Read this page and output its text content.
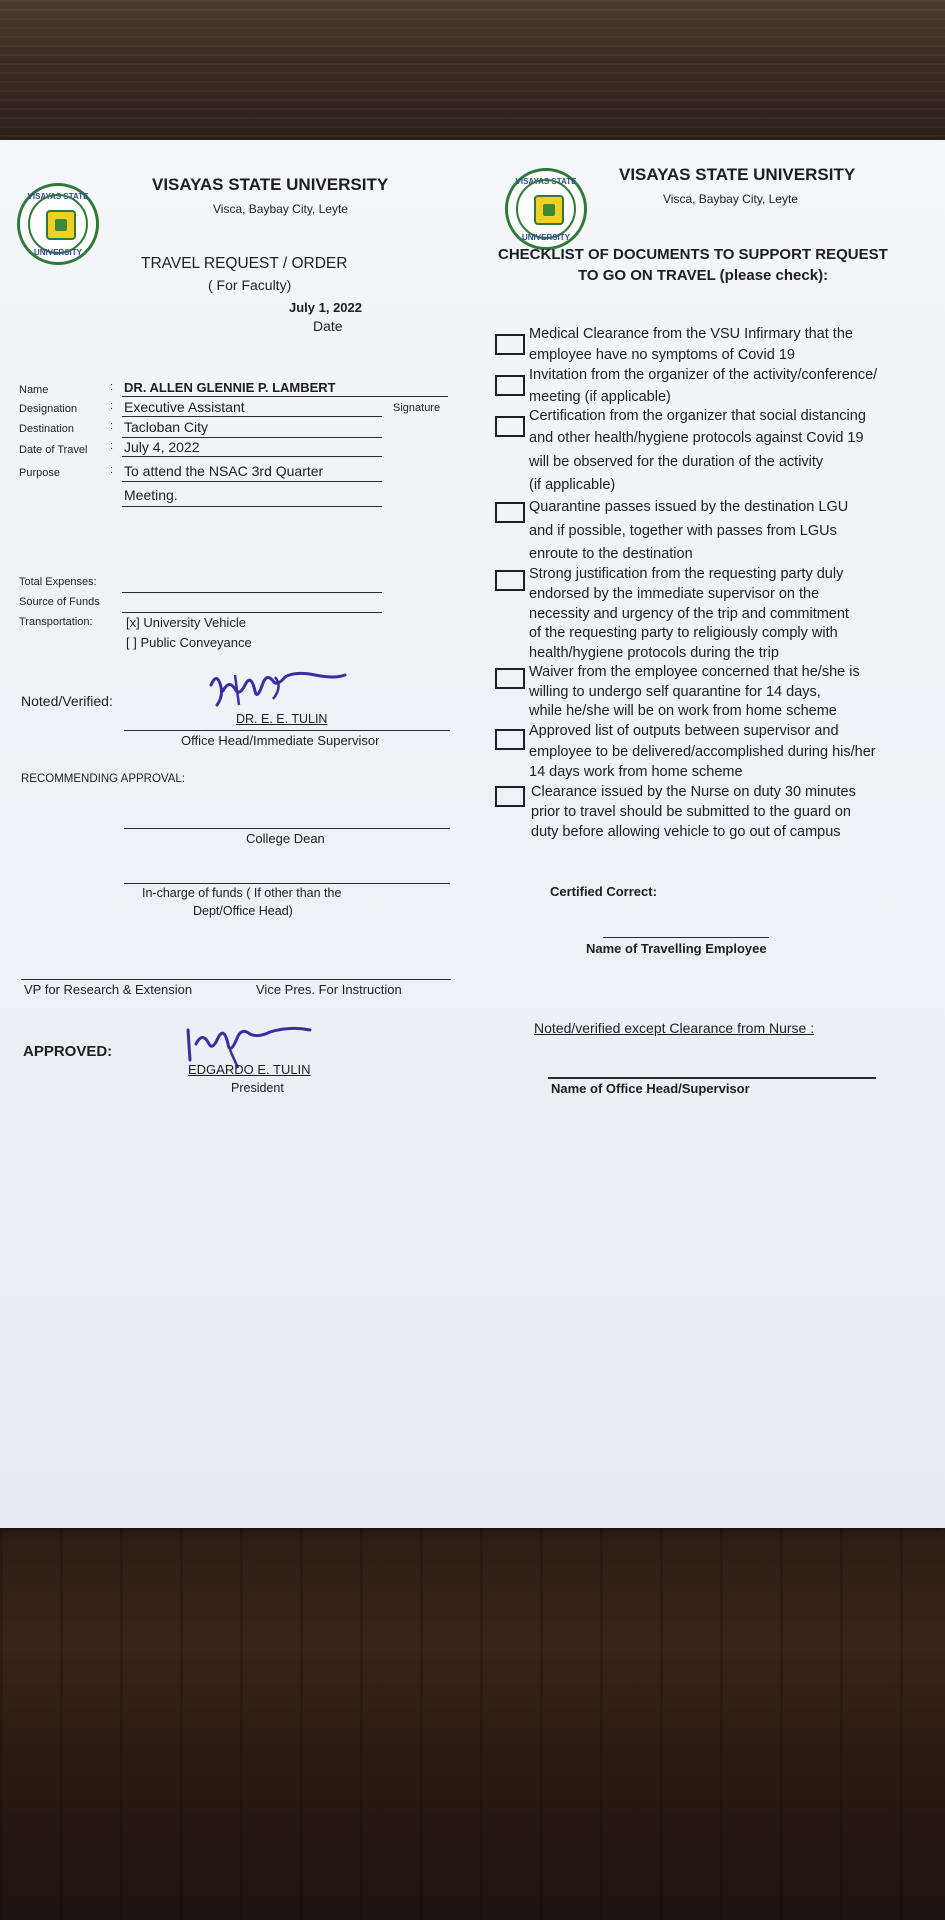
VISAYAS STATE
UNIVERSITY
VISAYAS STATE UNIVERSITY
Visca, Baybay City, Leyte
TRAVEL REQUEST / ORDER
( For Faculty)
July 1, 2022
Date
Name	: DR. ALLEN GLENNIE P. LAMBERT
Designation	: Executive Assistant	Signature
Destination	: Tacloban City
Date of Travel : July 4, 2022
Purpose	: To attend the NSAC 3rd Quarter
Meeting.
Total Expenses:
Source of Funds
Transportation:	[x] University Vehicle
[ ] Public Conveyance
Noted/Verified:
DR. E. E. TULIN
Office Head/Immediate Supervisor
RECOMMENDING APPROVAL:
College Dean
In-charge of funds ( If other than the
Dept/Office Head)
VP for Research & Extension	Vice Pres. For Instruction
APPROVED:
EDGARDO E. TULIN
President
VISAYAS STATE
UNIVERSITY
VISAYAS STATE UNIVERSITY
Visca, Baybay City, Leyte
CHECKLIST OF DOCUMENTS TO SUPPORT REQUEST
TO GO ON TRAVEL (please check):
Medical Clearance from the VSU Infirmary that the
employee have no symptoms of Covid 19
Invitation from the organizer of the activity/conference/
meeting (if applicable)
Certification from the organizer that social distancing
and other health/hygiene protocols against Covid 19
will be observed for the duration of the activity
(if applicable)
Quarantine passes issued by the destination LGU
and if possible, together with passes from LGUs
enroute to the destination
Strong justification from the requesting party duly
endorsed by the immediate supervisor on the
necessity and urgency of the trip and commitment
of the requesting party to religiously comply with
health/hygiene protocols during the trip
Waiver from the employee concerned that he/she is
willing to undergo self quarantine for 14 days,
while he/she will be on work from home scheme
Approved list of outputs between supervisor and
employee to be delivered/accomplished during his/her
14 days work from home scheme
Clearance issued by the Nurse on duty 30 minutes
prior to travel should be submitted to the guard on
duty before allowing vehicle to go out of campus
Certified Correct:
Name of Travelling Employee
Noted/verified except Clearance from Nurse :
Name of Office Head/Supervisor
